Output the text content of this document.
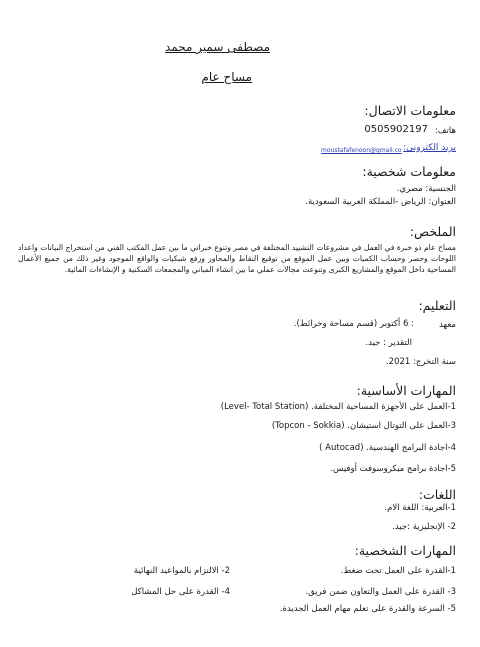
مصطفى سمير محمد
مساح عام
معلومات الاتصال:
هاتف:
0505902197
بريد الكتروني:
moustafafenoon@gmail.co
معلومات شخصية:
الجنسية: مصري.
العنوان: الرياض -المملكة العربية السعودية.
الملخص:
مساح عام ذو خبرة في العمل في مشروعات التشييد المختلفة في مصر وتنوع خبراتي ما بين عمل المكتب الفني من استخراج البيانات واعداد اللوحات وحصر وحساب الكميات وبين عمل الموقع من توقيع النقاط والمحاور ورفع شبكيات والواقع الموجود وغير ذلك من جميع الأعمال المساحية داخل الموقع والمشاريع الكبرى وتنوعت مجالات عملي ما بين انشاء المباني والمجمعات السكنية و الإنشاءات المائية.
التعليم:
معهد
: 6 أكتوبر (قسم مساحة وخرائط).
التقدير : جيد.
سنة التخرج: 2021.
المهارات الأساسية:
1-العمل على الأجهزة المساحية المختلفة. (Level- Total Station)
3-العمل على التوتال استيشان. (Topcon - Sokkia)
4-اجادة البرامج الهندسية. (Autocad )
5-اجادة برامج ميكروسوفت أوفيس.
اللغات:
1-العربية: اللغة الام.
2- الإنجليزية :جيد.
المهارات الشخصية:
1-القدرة على العمل تحت ضغط.
3- القدرة على العمل والتعاون ضمن فريق.
5- السرعة والقدرة على تعلم مهام العمل الجديدة.
2- الالتزام بالمواعيد النهائية
4- القدرة على حل المشاكل
